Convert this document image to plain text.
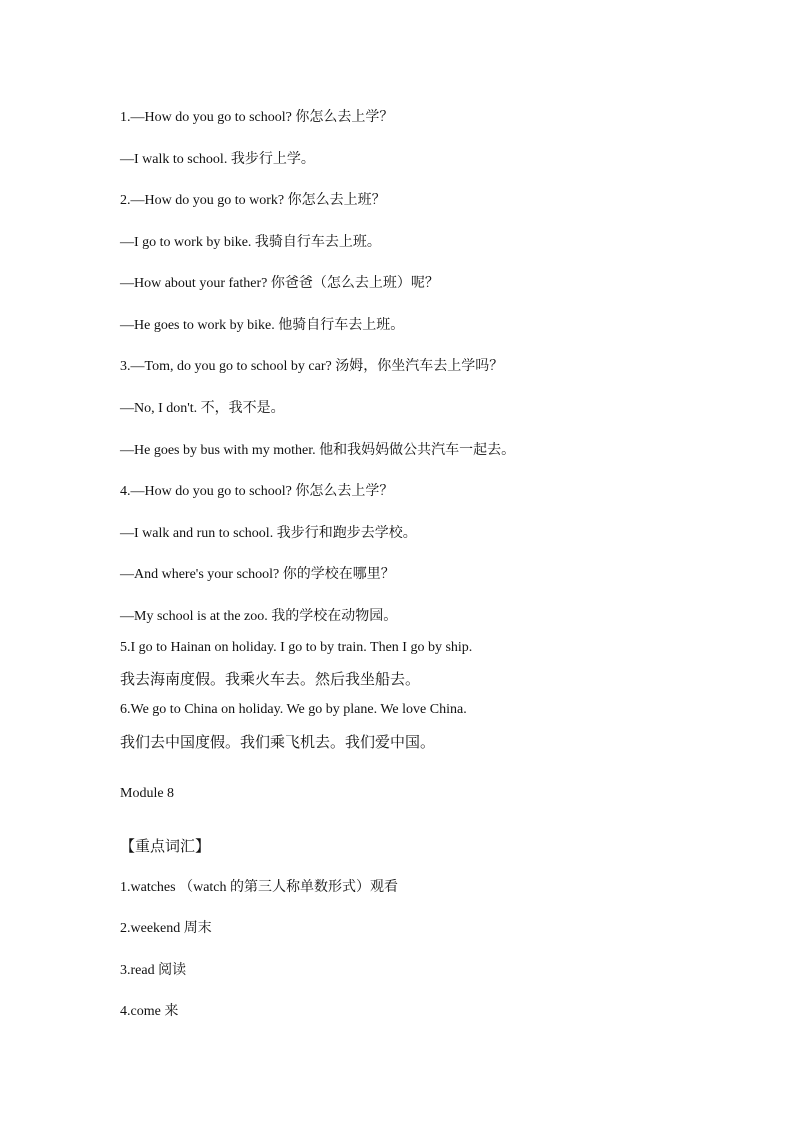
1.—How do you go to school? 你怎么去上学？
—I walk to school. 我步行上学。
2.—How do you go to work? 你怎么去上班？
—I go to work by bike. 我骑自行车去上班。
—How about your father? 你爸爸（怎么去上班）呢？
—He goes to work by bike. 他骑自行车去上班。
3.—Tom, do you go to school by car? 汤姆，你坐汽车去上学吗？
—No, I don't. 不，我不是。
—He goes by bus with my mother. 他和我妈妈做公共汽车一起去。
4.—How do you go to school? 你怎么去上学？
—I walk and run to school. 我步行和跑步去学校。
—And where's your school? 你的学校在哪里？
—My school is at the zoo. 我的学校在动物园。
5.I go to Hainan on holiday. I go to by train. Then I go by ship.
我去海南度假。我乘火车去。然后我坐船去。
6.We go to China on holiday. We go by plane. We love China.
我们去中国度假。我们乘飞机去。我们爱中国。
Module 8
【重点词汇】
1.watches （watch 的第三人称单数形式）观看
2.weekend 周末
3.read 阅读
4.come 来
